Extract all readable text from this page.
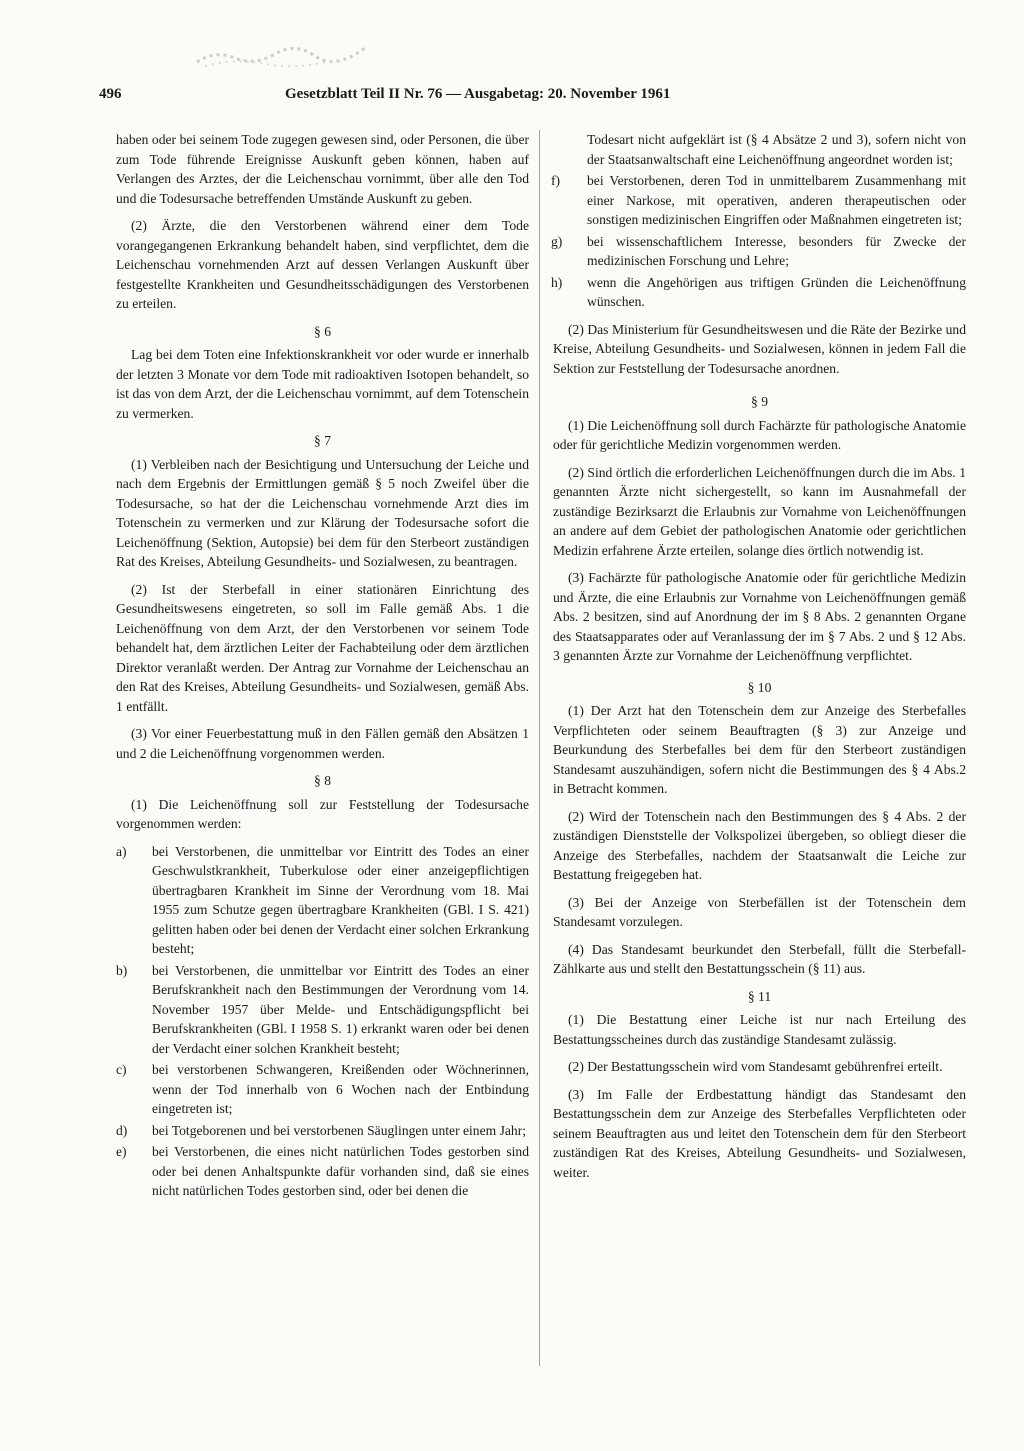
496	Gesetzblatt Teil II Nr. 76 — Ausgabetag: 20. November 1961

haben oder bei seinem Tode zugegen gewesen sind, oder Personen, die über zum Tode führende Ereignisse Auskunft geben können, haben auf Verlangen des Arztes, der die Leichenschau vornimmt, über alle den Tod und die Todesursache betreffenden Umstände Auskunft zu geben.

(2) Ärzte, die den Verstorbenen während einer dem Tode vorangegangenen Erkrankung behandelt haben, sind verpflichtet, dem die Leichenschau vornehmenden Arzt auf dessen Verlangen Auskunft über festgestellte Krankheiten und Gesundheitsschädigungen des Verstorbenen zu erteilen.

§ 6

Lag bei dem Toten eine Infektionskrankheit vor oder wurde er innerhalb der letzten 3 Monate vor dem Tode mit radioaktiven Isotopen behandelt, so ist das von dem Arzt, der die Leichenschau vornimmt, auf dem Totenschein zu vermerken.

§ 7

(1) Verbleiben nach der Besichtigung und Untersuchung der Leiche und nach dem Ergebnis der Ermittlungen gemäß § 5 noch Zweifel über die Todesursache, so hat der die Leichenschau vornehmende Arzt dies im Totenschein zu vermerken und zur Klärung der Todesursache sofort die Leichenöffnung (Sektion, Autopsie) bei dem für den Sterbeort zuständigen Rat des Kreises, Abteilung Gesundheits- und Sozialwesen, zu beantragen.

(2) Ist der Sterbefall in einer stationären Einrichtung des Gesundheitswesens eingetreten, so soll im Falle gemäß Abs. 1 die Leichenöffnung von dem Arzt, der den Verstorbenen vor seinem Tode behandelt hat, dem ärztlichen Leiter der Fachabteilung oder dem ärztlichen Direktor veranlaßt werden. Der Antrag zur Vornahme der Leichenschau an den Rat des Kreises, Abteilung Gesundheits- und Sozialwesen, gemäß Abs. 1 entfällt.

(3) Vor einer Feuerbestattung muß in den Fällen gemäß den Absätzen 1 und 2 die Leichenöffnung vorgenommen werden.

§ 8

(1) Die Leichenöffnung soll zur Feststellung der Todesursache vorgenommen werden:

a)	bei Verstorbenen, die unmittelbar vor Eintritt des Todes an einer Geschwulstkrankheit, Tuberkulose oder einer anzeigepflichtigen übertragbaren Krankheit im Sinne der Verordnung vom 18. Mai 1955 zum Schutze gegen übertragbare Krankheiten (GBl. I S. 421) gelitten haben oder bei denen der Verdacht einer solchen Erkrankung besteht;
b)	bei Verstorbenen, die unmittelbar vor Eintritt des Todes an einer Berufskrankheit nach den Bestimmungen der Verordnung vom 14. November 1957 über Melde- und Entschädigungspflicht bei Berufskrankheiten (GBl. I 1958 S. 1) erkrankt waren oder bei denen der Verdacht einer solchen Krankheit besteht;
c)	bei verstorbenen Schwangeren, Kreißenden oder Wöchnerinnen, wenn der Tod innerhalb von 6 Wochen nach der Entbindung eingetreten ist;
d)	bei Totgeborenen und bei verstorbenen Säuglingen unter einem Jahr;
e)	bei Verstorbenen, die eines nicht natürlichen Todes gestorben sind oder bei denen Anhaltspunkte dafür vorhanden sind, daß sie eines nicht natürlichen Todes gestorben sind, oder bei denen die
Todesart nicht aufgeklärt ist (§ 4 Absätze 2 und 3), sofern nicht von der Staatsanwaltschaft eine Leichenöffnung angeordnet worden ist;
f)	bei Verstorbenen, deren Tod in unmittelbarem Zusammenhang mit einer Narkose, mit operativen, anderen therapeutischen oder sonstigen medizinischen Eingriffen oder Maßnahmen eingetreten ist;
g)	bei wissenschaftlichem Interesse, besonders für Zwecke der medizinischen Forschung und Lehre;
h)	wenn die Angehörigen aus triftigen Gründen die Leichenöffnung wünschen.

(2) Das Ministerium für Gesundheitswesen und die Räte der Bezirke und Kreise, Abteilung Gesundheits- und Sozialwesen, können in jedem Fall die Sektion zur Feststellung der Todesursache anordnen.

§ 9

(1) Die Leichenöffnung soll durch Fachärzte für pathologische Anatomie oder für gerichtliche Medizin vorgenommen werden.

(2) Sind örtlich die erforderlichen Leichenöffnungen durch die im Abs. 1 genannten Ärzte nicht sichergestellt, so kann im Ausnahmefall der zuständige Bezirksarzt die Erlaubnis zur Vornahme von Leichenöffnungen an andere auf dem Gebiet der pathologischen Anatomie oder gerichtlichen Medizin erfahrene Ärzte erteilen, solange dies örtlich notwendig ist.

(3) Fachärzte für pathologische Anatomie oder für gerichtliche Medizin und Ärzte, die eine Erlaubnis zur Vornahme von Leichenöffnungen gemäß Abs. 2 besitzen, sind auf Anordnung der im § 8 Abs. 2 genannten Organe des Staatsapparates oder auf Veranlassung der im § 7 Abs. 2 und § 12 Abs. 3 genannten Ärzte zur Vornahme der Leichenöffnung verpflichtet.

§ 10

(1) Der Arzt hat den Totenschein dem zur Anzeige des Sterbefalles Verpflichteten oder seinem Beauftragten (§ 3) zur Anzeige und Beurkundung des Sterbefalles bei dem für den Sterbeort zuständigen Standesamt auszuhändigen, sofern nicht die Bestimmungen des § 4 Abs.2 in Betracht kommen.

(2) Wird der Totenschein nach den Bestimmungen des § 4 Abs. 2 der zuständigen Dienststelle der Volkspolizei übergeben, so obliegt dieser die Anzeige des Sterbefalles, nachdem der Staatsanwalt die Leiche zur Bestattung freigegeben hat.

(3) Bei der Anzeige von Sterbefällen ist der Totenschein dem Standesamt vorzulegen.

(4) Das Standesamt beurkundet den Sterbefall, füllt die Sterbefall-Zählkarte aus und stellt den Bestattungsschein (§ 11) aus.

§ 11

(1) Die Bestattung einer Leiche ist nur nach Erteilung des Bestattungsscheines durch das zuständige Standesamt zulässig.

(2) Der Bestattungsschein wird vom Standesamt gebührenfrei erteilt.

(3) Im Falle der Erdbestattung händigt das Standesamt den Bestattungsschein dem zur Anzeige des Sterbefalles Verpflichteten oder seinem Beauftragten aus und leitet den Totenschein dem für den Sterbeort zuständigen Rat des Kreises, Abteilung Gesundheits- und Sozialwesen, weiter.
